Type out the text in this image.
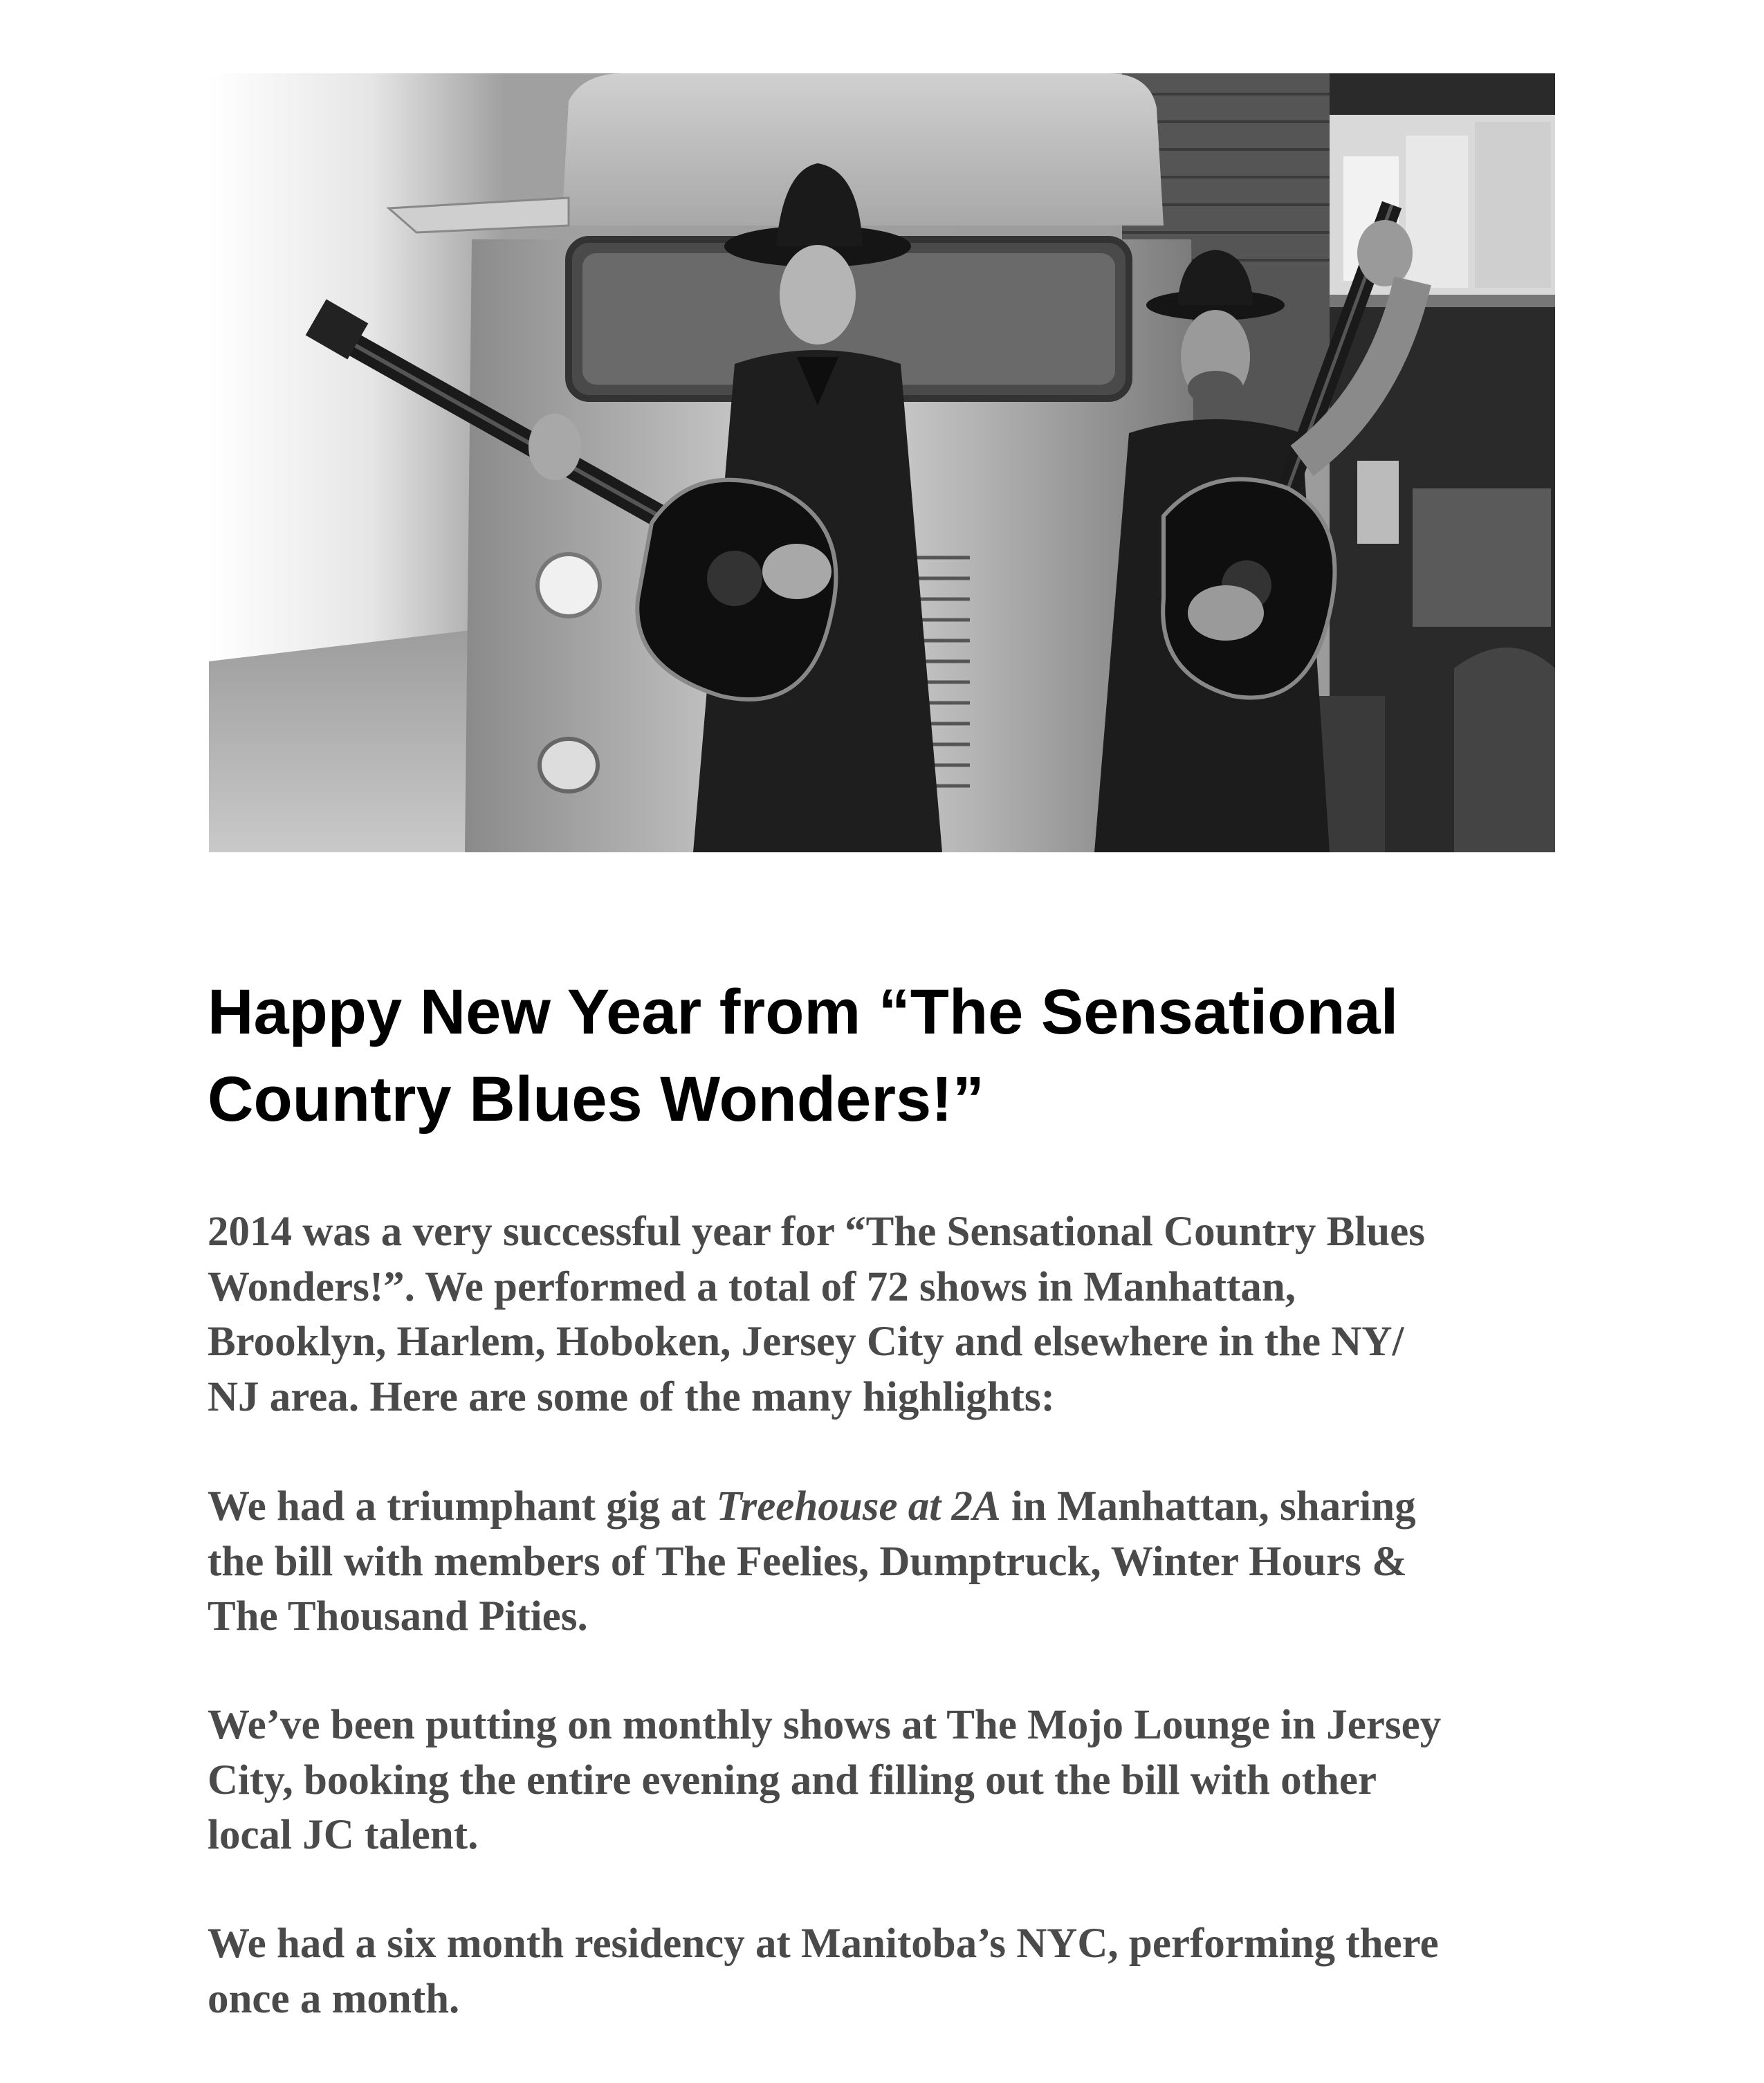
Happy New Year from “The Sensational
Country Blues Wonders!”

2014 was a very successful year for “The Sensational Country Blues
Wonders!”. We performed a total of 72 shows in Manhattan,
Brooklyn, Harlem, Hoboken, Jersey City and elsewhere in the NY/
NJ area. Here are some of the many highlights:

We had a triumphant gig at Treehouse at 2A in Manhattan, sharing
the bill with members of The Feelies, Dumptruck, Winter Hours &
The Thousand Pities.

We’ve been putting on monthly shows at The Mojo Lounge in Jersey
City, booking the entire evening and filling out the bill with other
local JC talent.

We had a six month residency at Manitoba’s NYC, performing there
once a month.
